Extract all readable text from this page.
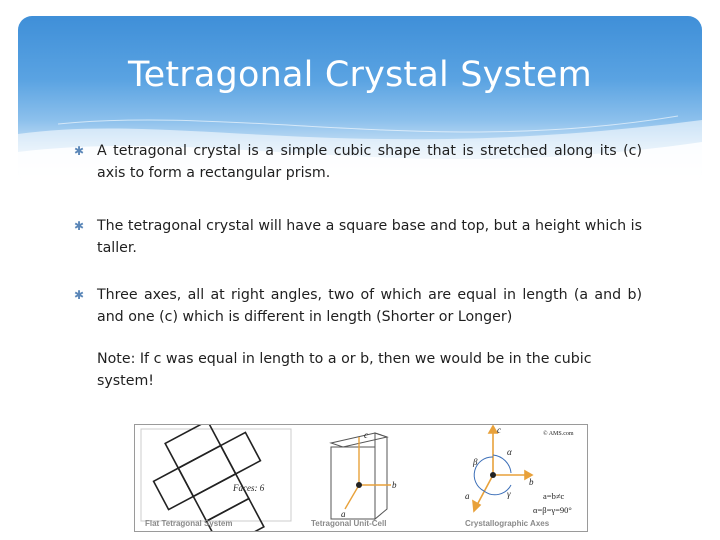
Tetragonal Crystal System
✱ A tetragonal crystal is a simple cubic shape that is stretched along its (c) axis to form a rectangular prism.
✱ The tetragonal crystal will have a square base and top, but a height which is taller.
✱ Three axes, all at right angles, two of which are equal in length (a and b) and one (c) which is different in length (Shorter or Longer)
Note: If c was equal in length to a or b, then we would be in the cubic system!
Faces: 6
Flat Tetragonal System
c
b
a
Tetragonal Unit-Cell
c
b
a
α
β
γ	a=b≠c
α=β=γ=90°
© AMS.com
Crystallographic Axes
